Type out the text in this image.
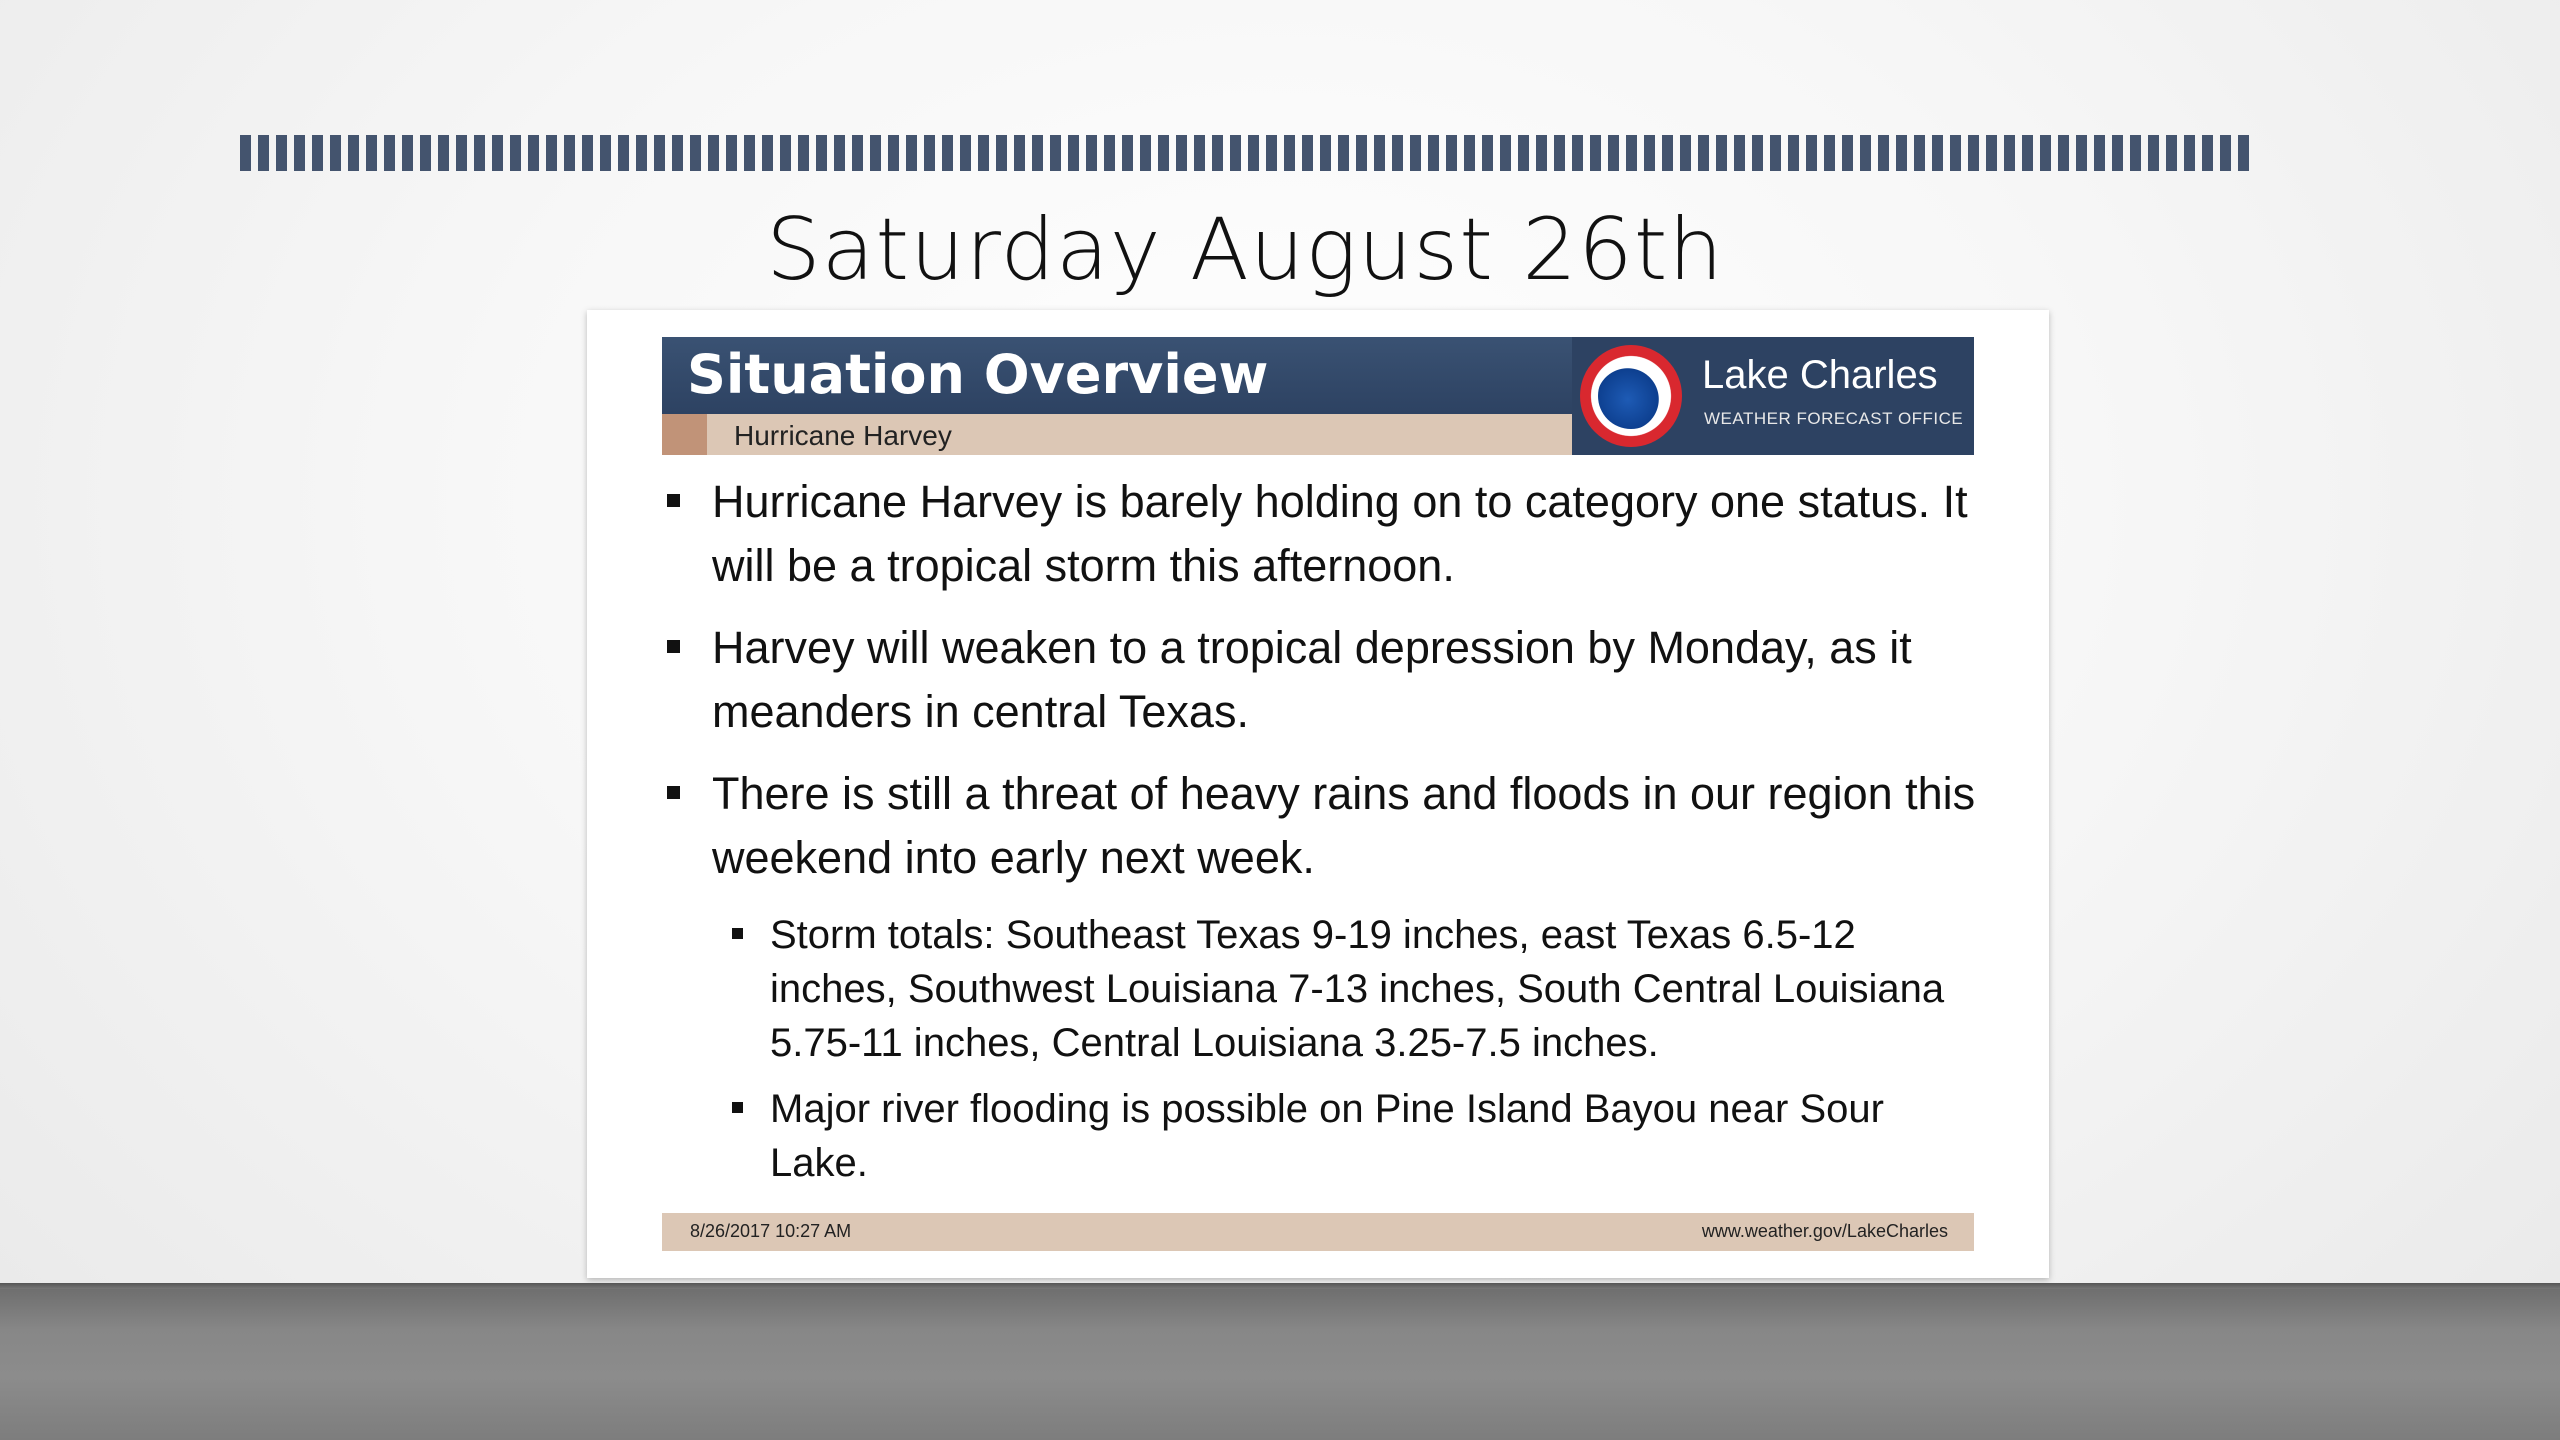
Saturday August 26th
Situation Overview
Hurricane Harvey
Lake Charles
WEATHER FORECAST OFFICE
Hurricane Harvey is barely holding on to category one status. It will be a tropical storm this afternoon.
Harvey will weaken to a tropical depression by Monday, as it meanders in central Texas.
There is still a threat of heavy rains and floods in our region this weekend into early next week.
Storm totals: Southeast Texas 9-19 inches, east Texas 6.5-12 inches, Southwest Louisiana 7-13 inches, South Central Louisiana 5.75-11 inches, Central Louisiana 3.25-7.5 inches.
Major river flooding is possible on Pine Island Bayou near Sour Lake.
8/26/2017 10:27 AM	www.weather.gov/LakeCharles
